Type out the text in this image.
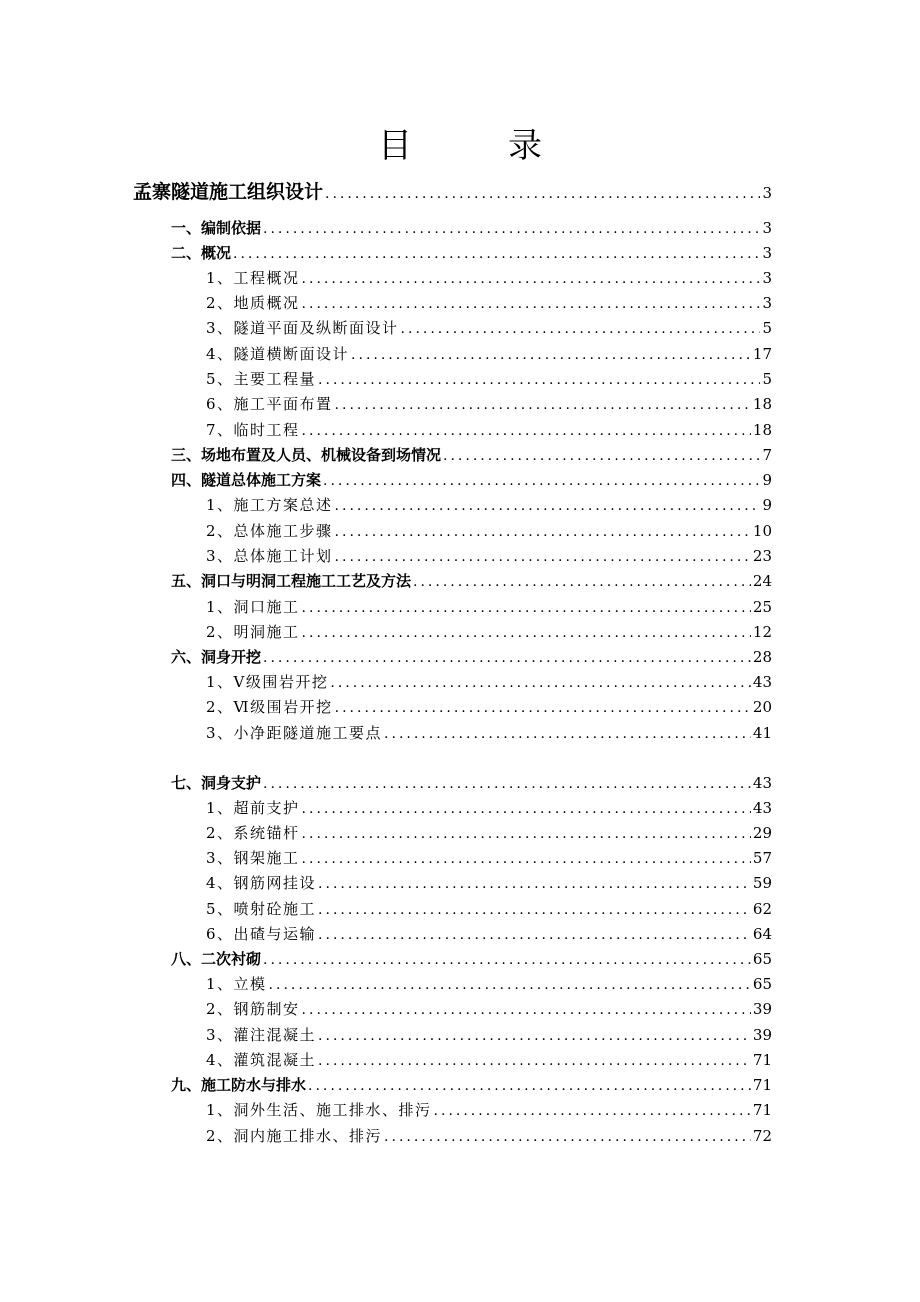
目	录
孟寨隧道施工组织设计 .....	3
一、编制依据 .....	3
二、概况 .....	3
1、工程概况 .....	3
2、地质概况 .....	3
3、隧道平面及纵断面设计 .....	5
4、隧道横断面设计 .....	17
5、主要工程量 .....	5
6、施工平面布置 .....	18
7、临时工程 .....	18
三、场地布置及人员、机械设备到场情况 .....	7
四、隧道总体施工方案 .....	9
1、施工方案总述 .....	9
2、总体施工步骤 .....	10
3、总体施工计划 .....	23
五、洞口与明洞工程施工工艺及方法 .....	24
1、洞口施工 .....	25
2、明洞施工 .....	12
六、洞身开挖 .....	28
1、Ⅴ级围岩开挖 .....	43
2、Ⅵ级围岩开挖 .....	20
3、小净距隧道施工要点 .....	41
七、洞身支护 .....	43
1、超前支护 .....	43
2、系统锚杆 .....	29
3、钢架施工 .....	57
4、钢筋网挂设 .....	59
5、喷射砼施工 .....	62
6、出碴与运输 .....	64
八、二次衬砌 .....	65
1、立模 .....	65
2、钢筋制安 .....	39
3、灌注混凝土 .....	39
4、灌筑混凝土 .....	71
九、施工防水与排水 .....	71
1、洞外生活、施工排水、排污 .....	71
2、洞内施工排水、排污 .....	72
